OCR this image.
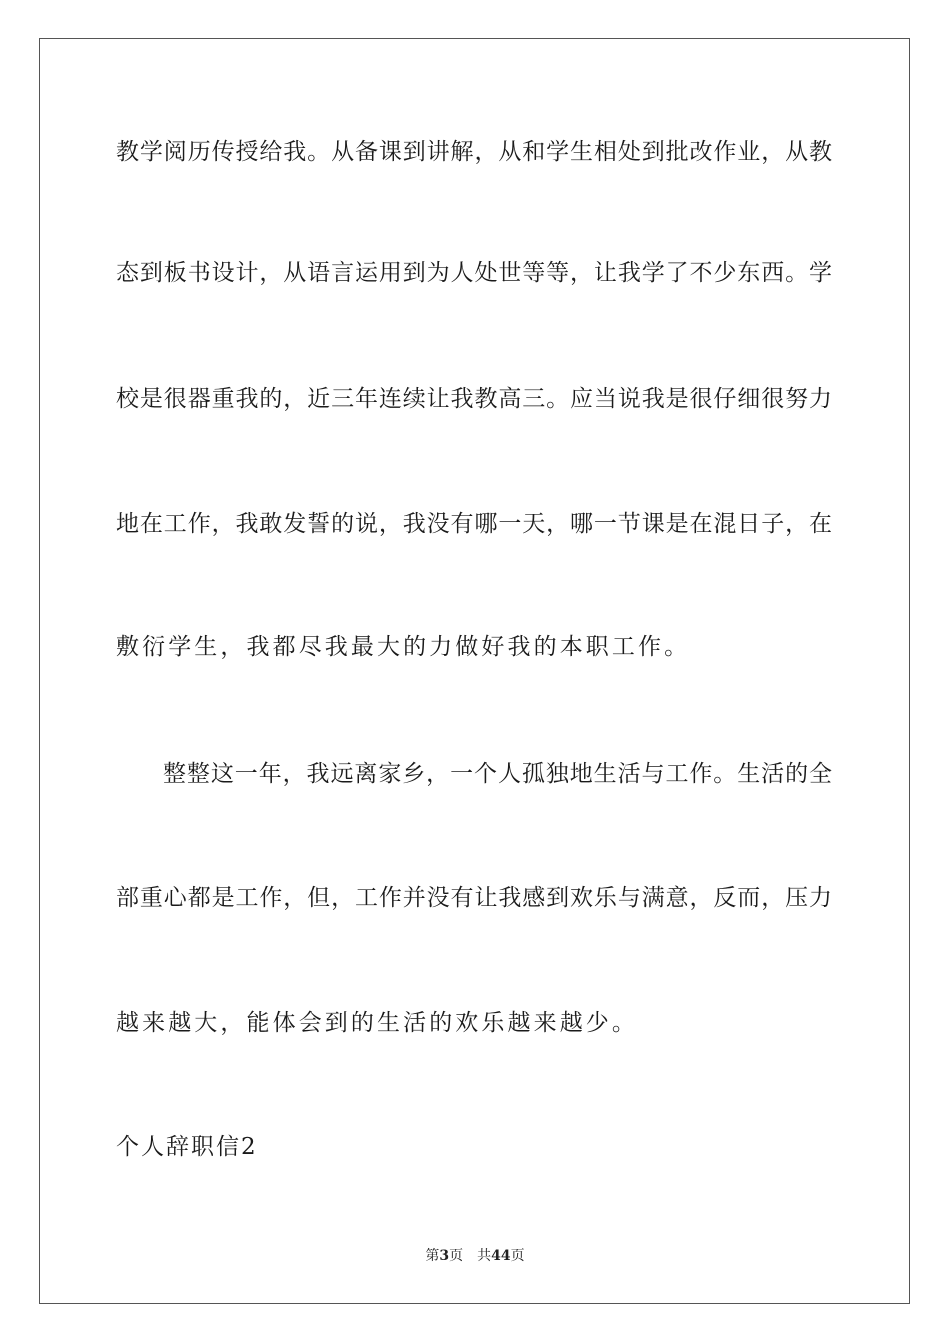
教学阅历传授给我。从备课到讲解，从和学生相处到批改作业，从教
态到板书设计，从语言运用到为人处世等等，让我学了不少东西。学
校是很器重我的，近三年连续让我教高三。应当说我是很仔细很努力
地在工作，我敢发誓的说，我没有哪一天，哪一节课是在混日子，在
敷衍学生，我都尽我最大的力做好我的本职工作。
整整这一年，我远离家乡，一个人孤独地生活与工作。生活的全
部重心都是工作，但，工作并没有让我感到欢乐与满意，反而，压力
越来越大，能体会到的生活的欢乐越来越少。
个人辞职信2
第3页 共44页
